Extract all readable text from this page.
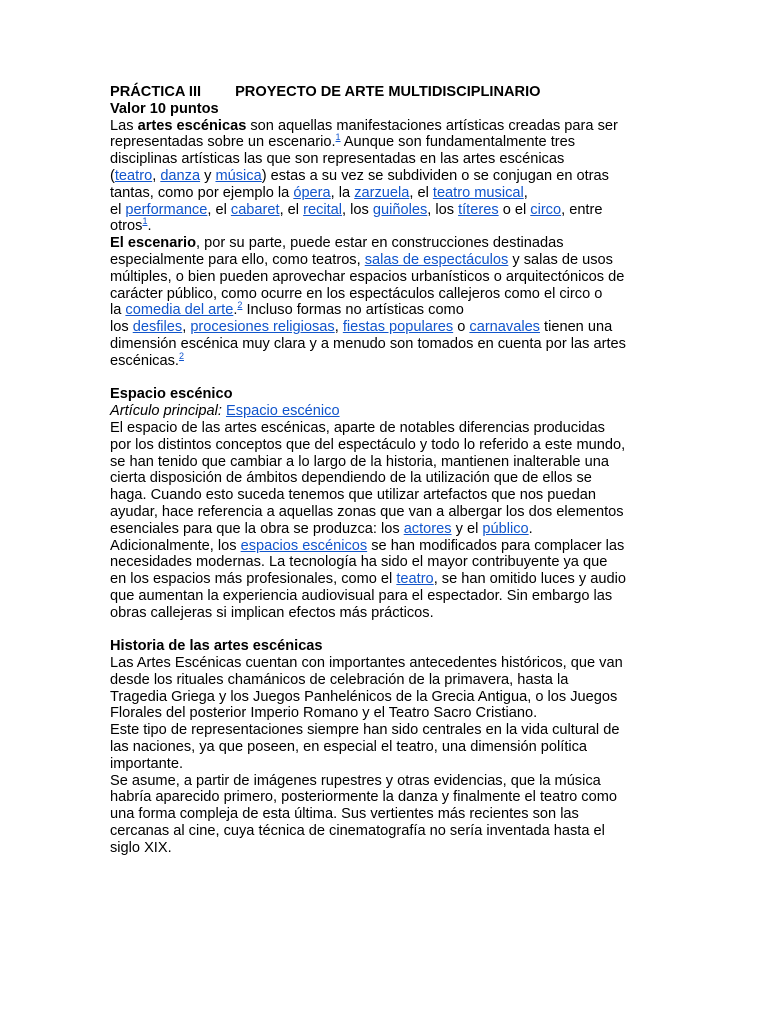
PRÁCTICA III PROYECTO DE ARTE MULTIDISCIPLINARIO
Valor 10 puntos
Las artes escénicas son aquellas manifestaciones artísticas creadas para ser
representadas sobre un escenario.$^1$ Aunque son fundamentalmente tres
disciplinas artísticas las que son representadas en las artes escénicas
(teatro, danza y música) estas a su vez se subdividen o se conjugan en otras
tantas, como por ejemplo la ópera, la zarzuela, el teatro musical,
el performance, el cabaret, el recital, los guiñoles, los títeres o el circo, entre
otros$^1$.
El escenario, por su parte, puede estar en construcciones destinadas
especialmente para ello, como teatros, salas de espectáculos y salas de usos
múltiples, o bien pueden aprovechar espacios urbanísticos o arquitectónicos de
carácter público, como ocurre en los espectáculos callejeros como el circo o
la comedia del arte.$^2$ Incluso formas no artísticas como
los desfiles, procesiones religiosas, fiestas populares o carnavales tienen una
dimensión escénica muy clara y a menudo son tomados en cuenta por las artes
escénicas.$^2$
Espacio escénico
Artículo principal: Espacio escénico
El espacio de las artes escénicas, aparte de notables diferencias producidas
por los distintos conceptos que del espectáculo y todo lo referido a este mundo,
se han tenido que cambiar a lo largo de la historia, mantienen inalterable una
cierta disposición de ámbitos dependiendo de la utilización que de ellos se
haga. Cuando esto suceda tenemos que utilizar artefactos que nos puedan
ayudar, hace referencia a aquellas zonas que van a albergar los dos elementos
esenciales para que la obra se produzca: los actores y el público.
Adicionalmente, los espacios escénicos se han modificados para complacer las
necesidades modernas. La tecnología ha sido el mayor contribuyente ya que
en los espacios más profesionales, como el teatro, se han omitido luces y audio
que aumentan la experiencia audiovisual para el espectador. Sin embargo las
obras callejeras si implican efectos más prácticos.
Historia de las artes escénicas
Las Artes Escénicas cuentan con importantes antecedentes históricos, que van
desde los rituales chamánicos de celebración de la primavera, hasta la
Tragedia Griega y los Juegos Panhelénicos de la Grecia Antigua, o los Juegos
Florales del posterior Imperio Romano y el Teatro Sacro Cristiano.
Este tipo de representaciones siempre han sido centrales en la vida cultural de
las naciones, ya que poseen, en especial el teatro, una dimensión política
importante.
Se asume, a partir de imágenes rupestres y otras evidencias, que la música
habría aparecido primero, posteriormente la danza y finalmente el teatro como
una forma compleja de esta última. Sus vertientes más recientes son las
cercanas al cine, cuya técnica de cinematografía no sería inventada hasta el
siglo XIX.
